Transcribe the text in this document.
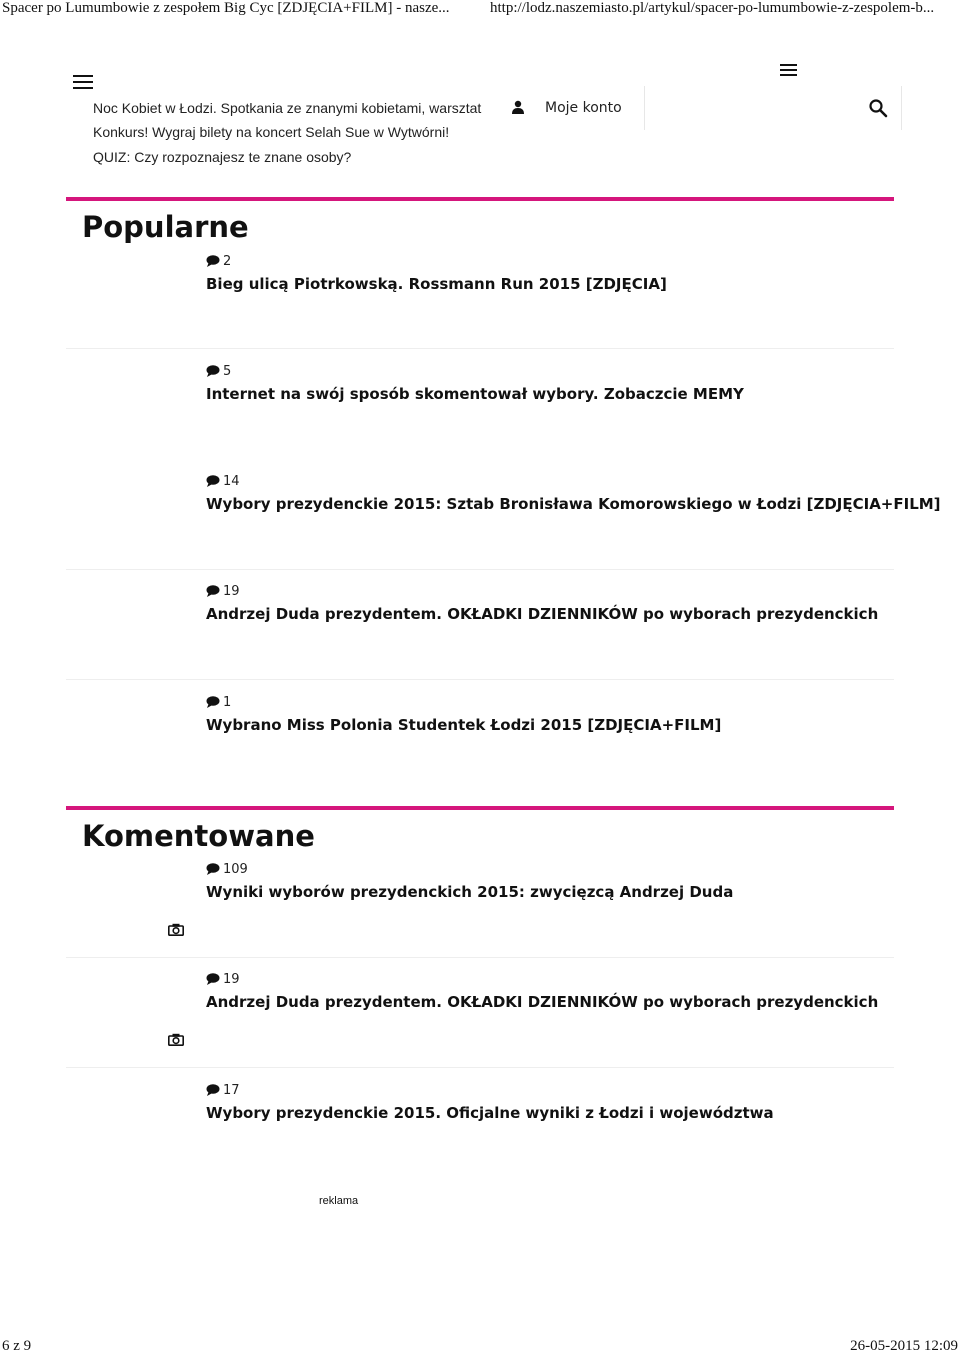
Spacer po Lumumbowie z zespołem Big Cyc [ZDJĘCIA+FILM] - nasze...	http://lodz.naszemiasto.pl/artykul/spacer-po-lumumbowie-z-zespolem-b...
Noc Kobiet w Łodzi. Spotkania ze znanymi kobietami, warsztat
Konkurs! Wygraj bilety na koncert Selah Sue w Wytwórni!
QUIZ: Czy rozpoznajesz te znane osoby?
Moje konto
Popularne
2
Bieg ulicą Piotrkowską. Rossmann Run 2015 [ZDJĘCIA]
5
Internet na swój sposób skomentował wybory. Zobaczcie MEMY
14
Wybory prezydenckie 2015: Sztab Bronisława Komorowskiego w Łodzi [ZDJĘCIA+FILM]
19
Andrzej Duda prezydentem. OKŁADKI DZIENNIKÓW po wyborach prezydenckich
1
Wybrano Miss Polonia Studentek Łodzi 2015 [ZDJĘCIA+FILM]
Komentowane
109
Wyniki wyborów prezydenckich 2015: zwycięzcą Andrzej Duda
19
Andrzej Duda prezydentem. OKŁADKI DZIENNIKÓW po wyborach prezydenckich
17
Wybory prezydenckie 2015. Oficjalne wyniki z Łodzi i województwa
reklama
6 z 9	26-05-2015 12:09
